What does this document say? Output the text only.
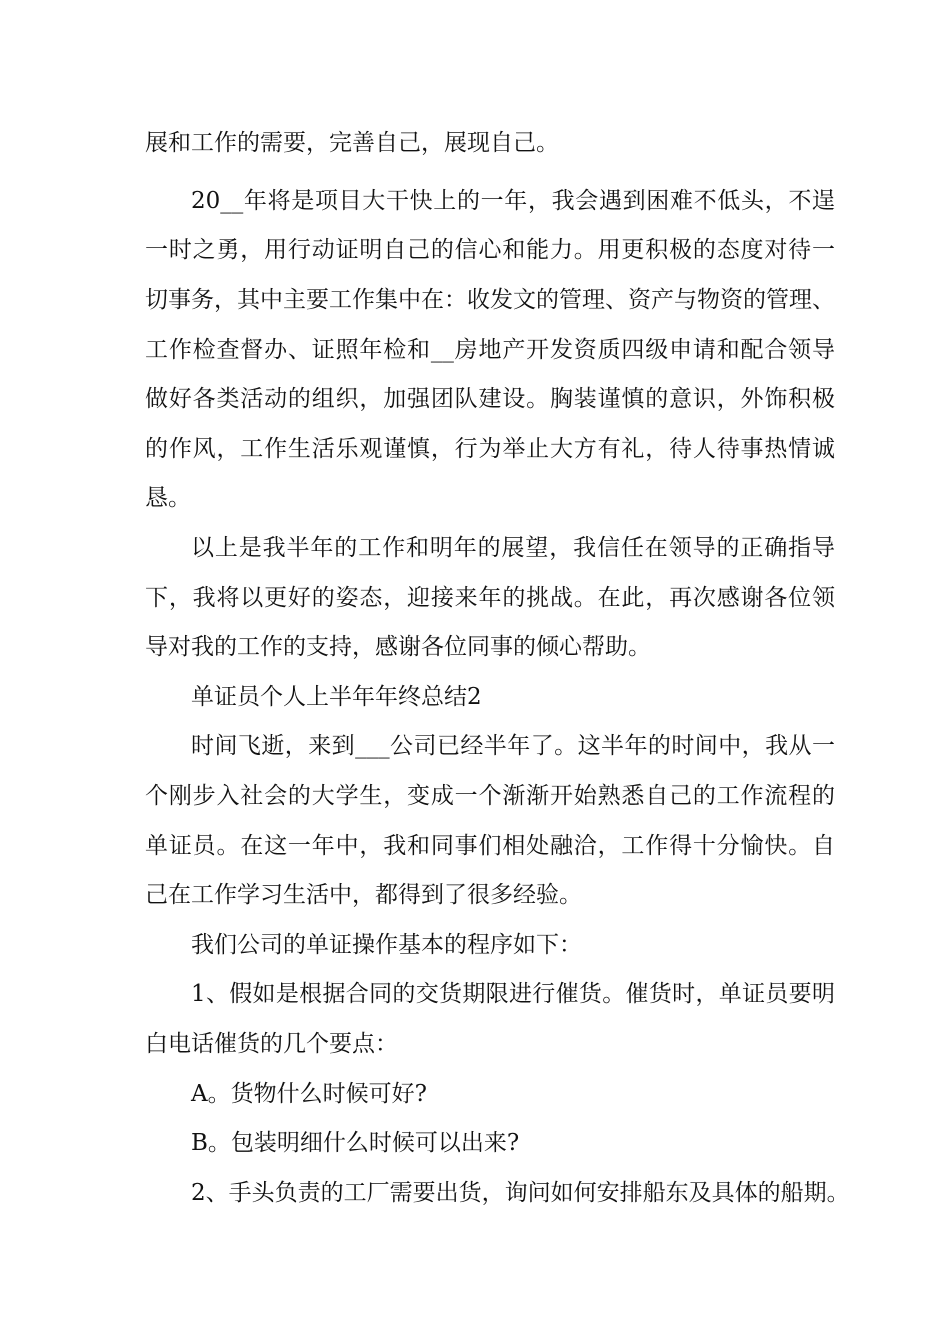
展和工作的需要，完善自己，展现自己。
20__年将是项目大干快上的一年，我会遇到困难不低头，不逞
一时之勇，用行动证明自己的信心和能力。用更积极的态度对待一
切事务，其中主要工作集中在：收发文的管理、资产与物资的管理、
工作检查督办、证照年检和__房地产开发资质四级申请和配合领导
做好各类活动的组织，加强团队建设。胸装谨慎的意识，外饰积极
的作风，工作生活乐观谨慎，行为举止大方有礼，待人待事热情诚
恳。
以上是我半年的工作和明年的展望，我信任在领导的正确指导
下，我将以更好的姿态，迎接来年的挑战。在此，再次感谢各位领
导对我的工作的支持，感谢各位同事的倾心帮助。
单证员个人上半年年终总结2
时间飞逝，来到___公司已经半年了。这半年的时间中，我从一
个刚步入社会的大学生，变成一个渐渐开始熟悉自己的工作流程的
单证员。在这一年中，我和同事们相处融洽，工作得十分愉快。自
己在工作学习生活中，都得到了很多经验。
我们公司的单证操作基本的程序如下：
1、假如是根据合同的交货期限进行催货。催货时，单证员要明
白电话催货的几个要点：
A。货物什么时候可好?
B。包装明细什么时候可以出来?
2、手头负责的工厂需要出货，询问如何安排船东及具体的船期。
